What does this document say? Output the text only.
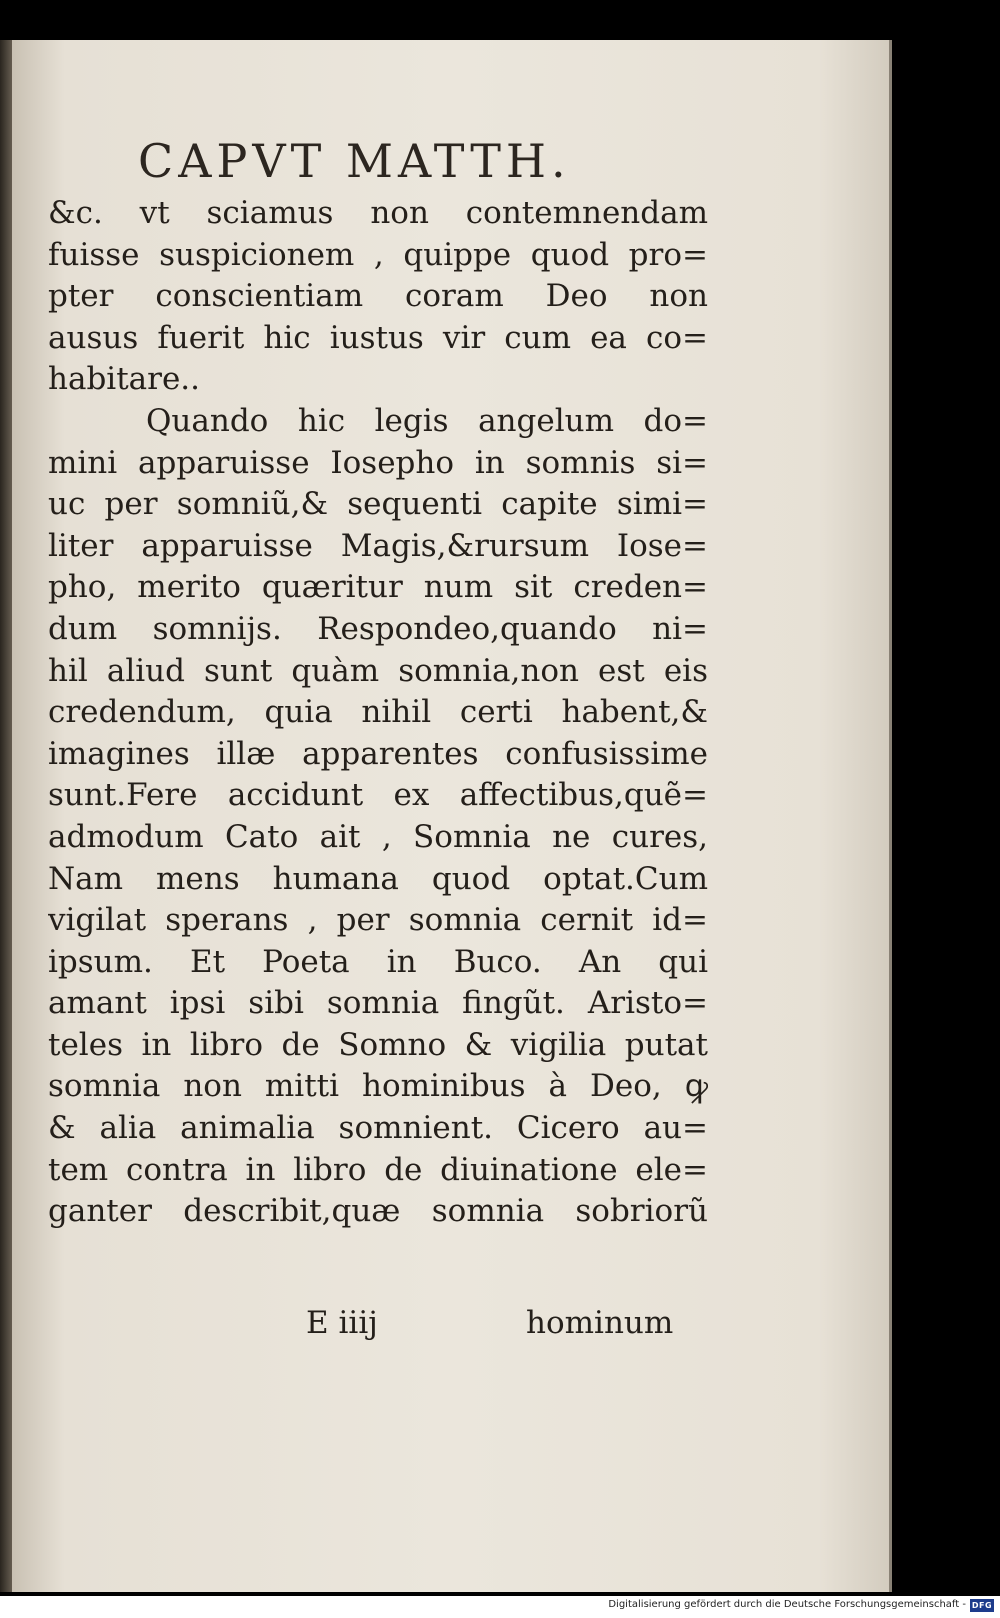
CAPVT MATTH.
&c. vt sciamus non contemnendam
fuisse suspicionem , quippe quod pro=
pter conscientiam coram Deo non
ausus fuerit hic iustus vir cum ea co=
habitare..
Quando hic legis angelum do=
mini apparuisse Iosepho in somnis si=
uc per somniũ,& sequenti capite simi=
liter apparuisse Magis,&rursum Iose=
pho, merito quæritur num sit creden=
dum somnijs. Respondeo,quando ni=
hil aliud sunt quàm somnia,non est eis
credendum, quia nihil certi habent,&
imagines illæ apparentes confusissime
sunt.Fere accidunt ex affectibus,quẽ=
admodum Cato ait , Somnia ne cures,
Nam mens humana quod optat.Cum
vigilat sperans , per somnia cernit id=
ipsum. Et Poeta in Buco. An qui
amant ipsi sibi somnia fingũt. Aristo=
teles in libro de Somno & vigilia putat
somnia non mitti hominibus à Deo, ꝙ
& alia animalia somnient. Cicero au=
tem contra in libro de diuinatione ele=
ganter describit,quæ somnia sobriorũ
E iiij	hominum
Digitalisierung gefördert durch die Deutsche Forschungsgemeinschaft - DFG
